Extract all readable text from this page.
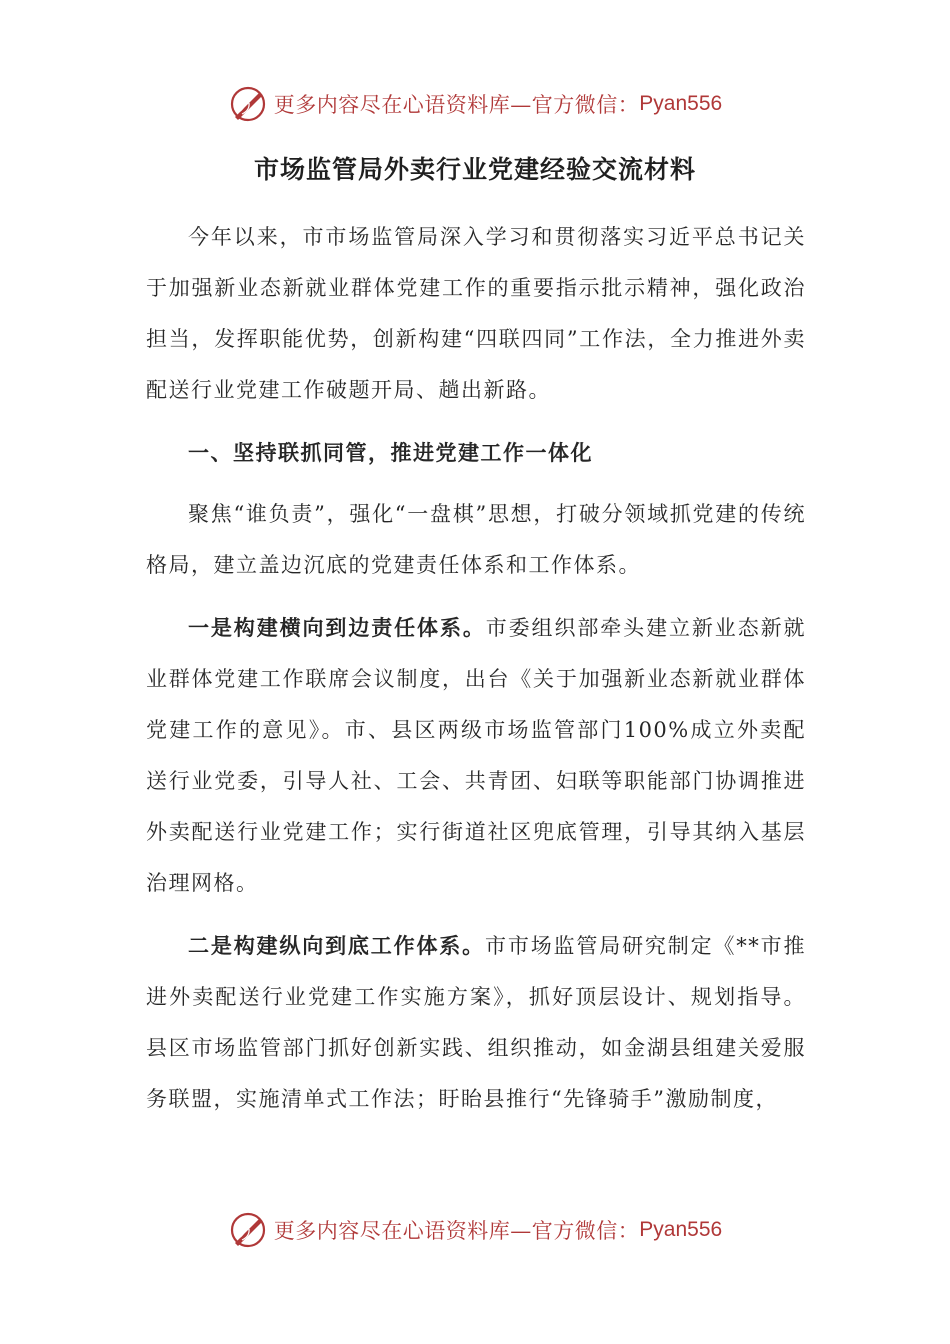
更多内容尽在心语资料库—官方微信： Pyan556
市场监管局外卖行业党建经验交流材料

今年以来，市市场监管局深入学习和贯彻落实习近平总书记关于加强新业态新就业群体党建工作的重要指示批示精神，强化政治担当，发挥职能优势，创新构建“四联四同”工作法，全力推进外卖配送行业党建工作破题开局、趟出新路。

一、坚持联抓同管，推进党建工作一体化

聚焦“谁负责”，强化“一盘棋”思想，打破分领域抓党建的传统格局，建立盖边沉底的党建责任体系和工作体系。

一是构建横向到边责任体系。市委组织部牵头建立新业态新就业群体党建工作联席会议制度，出台《关于加强新业态新就业群体党建工作的意见》。市、县区两级市场监管部门100%成立外卖配送行业党委，引导人社、工会、共青团、妇联等职能部门协调推进外卖配送行业党建工作；实行街道社区兜底管理，引导其纳入基层治理网格。

二是构建纵向到底工作体系。市市场监管局研究制定《**市推进外卖配送行业党建工作实施方案》，抓好顶层设计、规划指导。县区市场监管部门抓好创新实践、组织推动，如金湖县组建关爱服务联盟，实施清单式工作法；盱眙县推行“先锋骑手”激励制度，

更多内容尽在心语资料库—官方微信： Pyan556
